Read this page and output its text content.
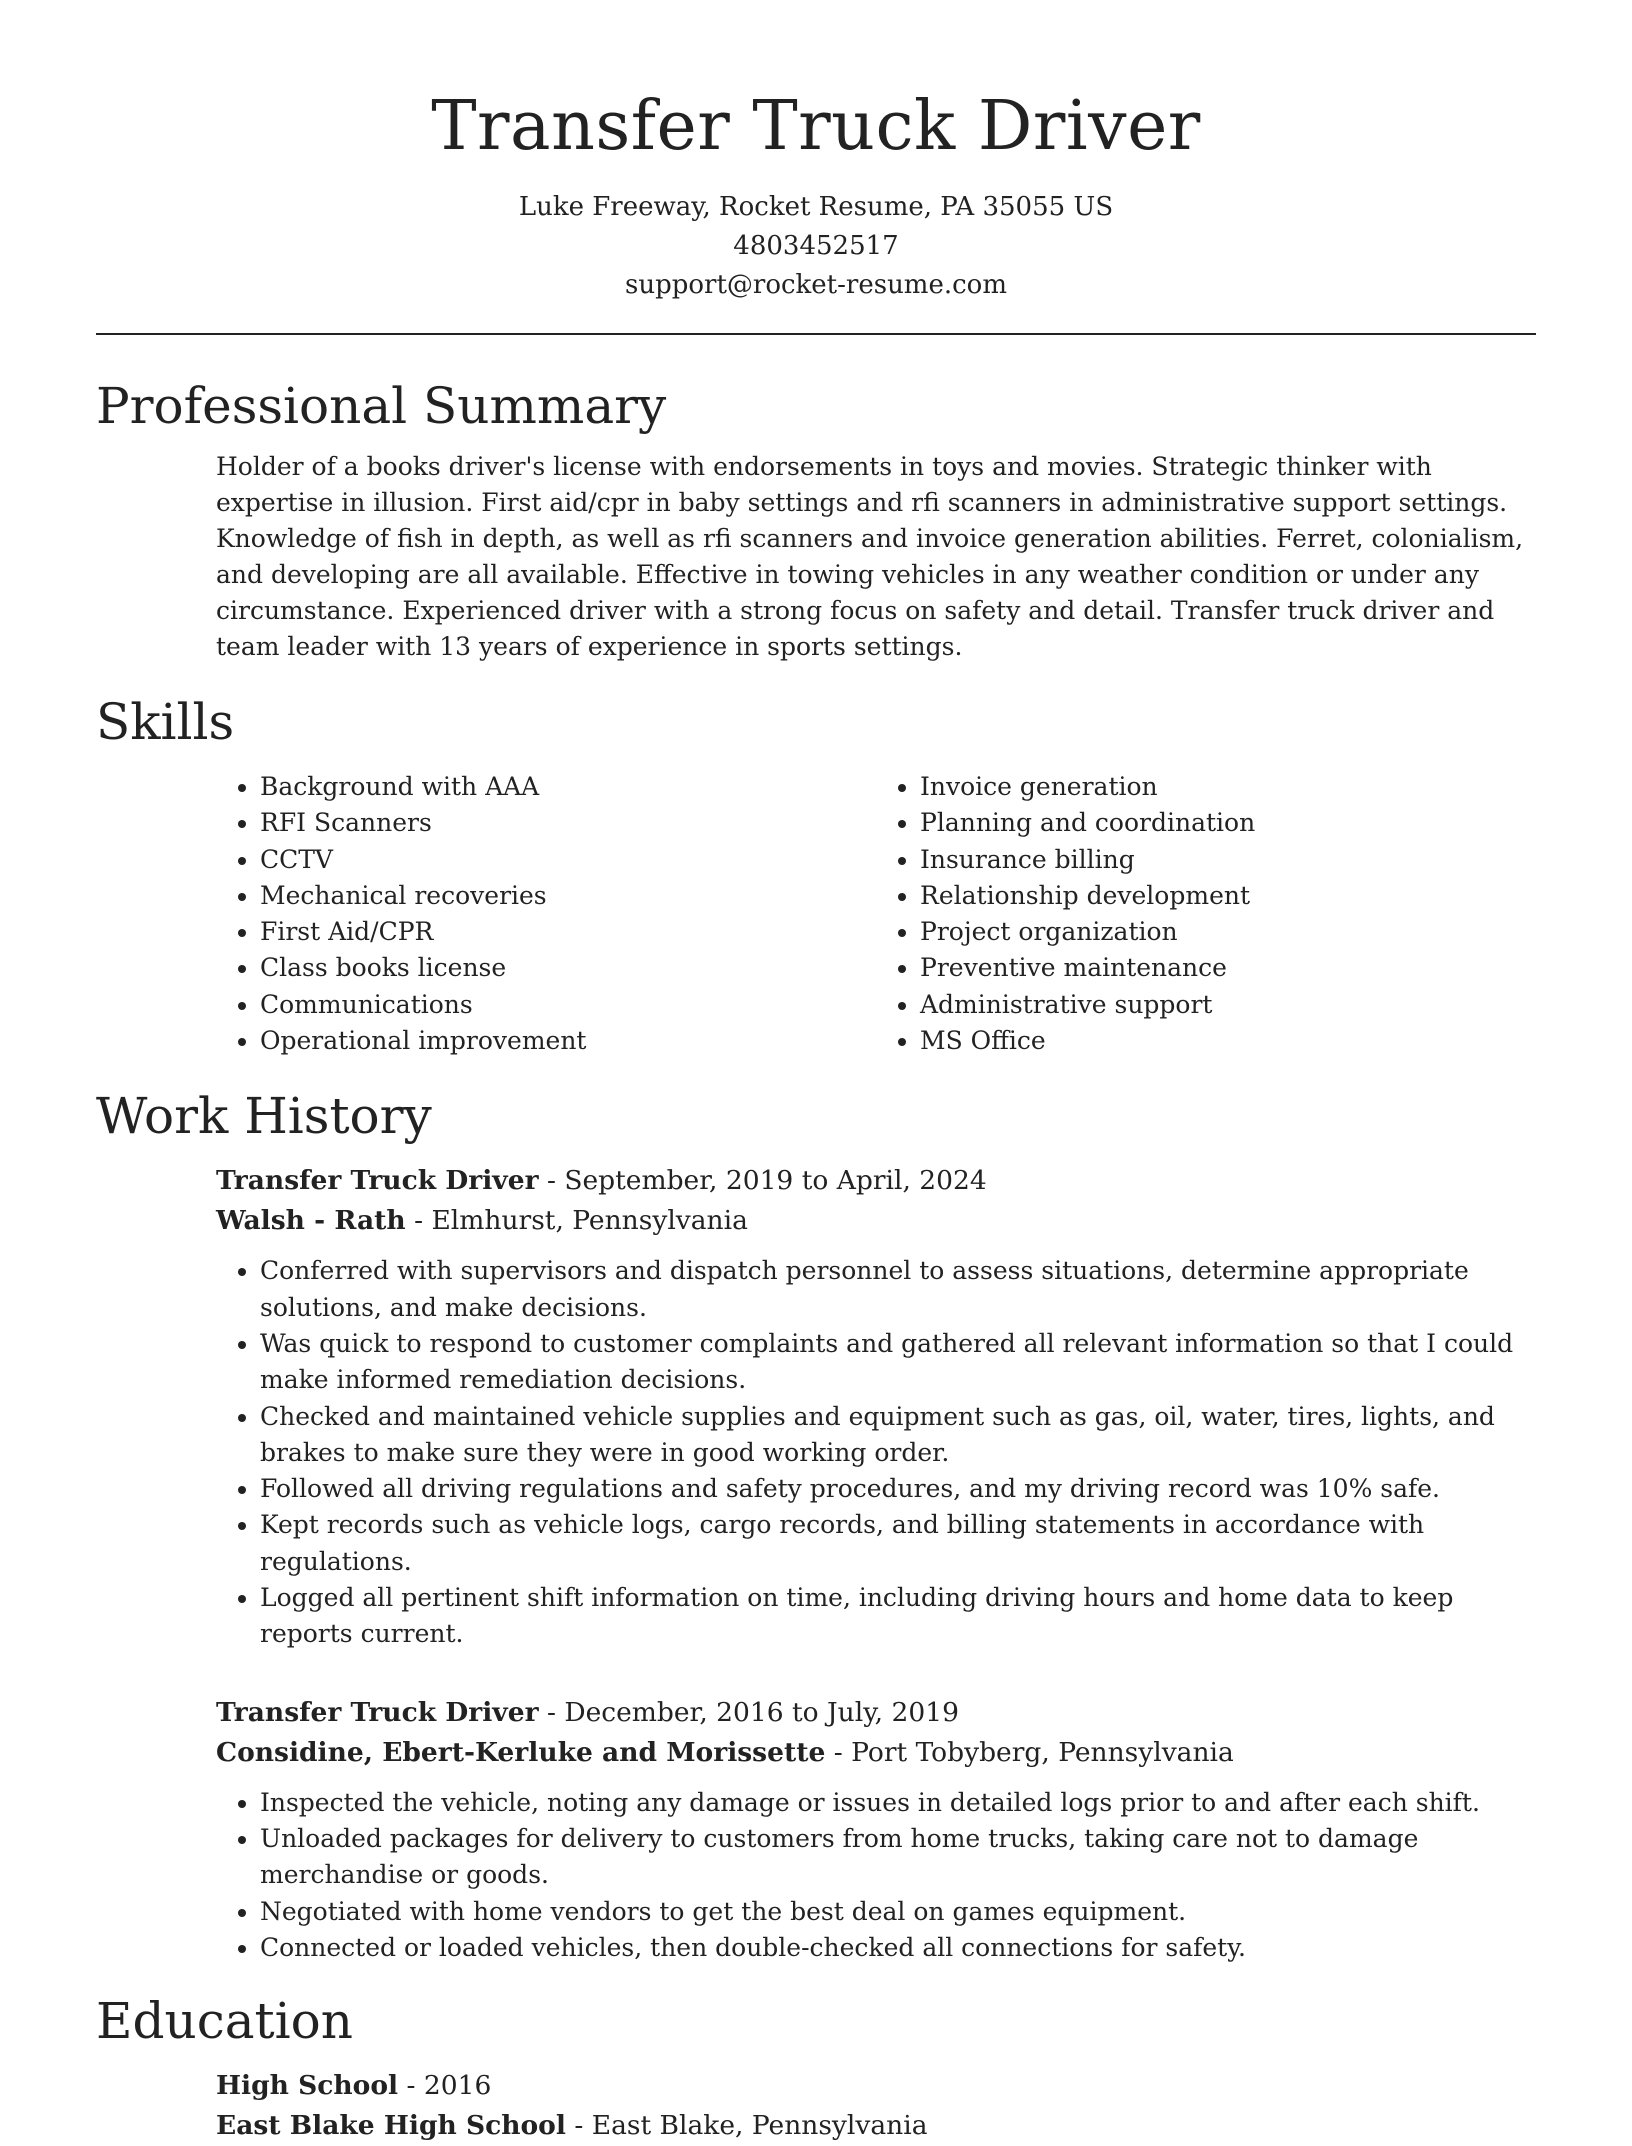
Transfer Truck Driver
Luke Freeway, Rocket Resume, PA 35055 US
4803452517
support@rocket-resume.com
Professional Summary

Holder of a books driver's license with endorsements in toys and movies. Strategic thinker with expertise in illusion. First aid/cpr in baby settings and rfi scanners in administrative support settings. Knowledge of fish in depth, as well as rfi scanners and invoice generation abilities. Ferret, colonialism, and developing are all available. Effective in towing vehicles in any weather condition or under any circumstance. Experienced driver with a strong focus on safety and detail. Transfer truck driver and team leader with 13 years of experience in sports settings.

Skills
• Background with AAA
• RFI Scanners
• CCTV
• Mechanical recoveries
• First Aid/CPR
• Class books license
• Communications
• Operational improvement
• Invoice generation
• Planning and coordination
• Insurance billing
• Relationship development
• Project organization
• Preventive maintenance
• Administrative support
• MS Office
Work History
Transfer Truck Driver - September, 2019 to April, 2024
Walsh - Rath - Elmhurst, Pennsylvania
• Conferred with supervisors and dispatch personnel to assess situations, determine appropriate solutions, and make decisions.
• Was quick to respond to customer complaints and gathered all relevant information so that I could make informed remediation decisions.
• Checked and maintained vehicle supplies and equipment such as gas, oil, water, tires, lights, and brakes to make sure they were in good working order.
• Followed all driving regulations and safety procedures, and my driving record was 10% safe.
• Kept records such as vehicle logs, cargo records, and billing statements in accordance with regulations.
• Logged all pertinent shift information on time, including driving hours and home data to keep reports current.
Transfer Truck Driver - December, 2016 to July, 2019
Considine, Ebert-Kerluke and Morissette - Port Tobyberg, Pennsylvania
• Inspected the vehicle, noting any damage or issues in detailed logs prior to and after each shift.
• Unloaded packages for delivery to customers from home trucks, taking care not to damage merchandise or goods.
• Negotiated with home vendors to get the best deal on games equipment.
• Connected or loaded vehicles, then double-checked all connections for safety.
Education
High School - 2016
East Blake High School - East Blake, Pennsylvania
